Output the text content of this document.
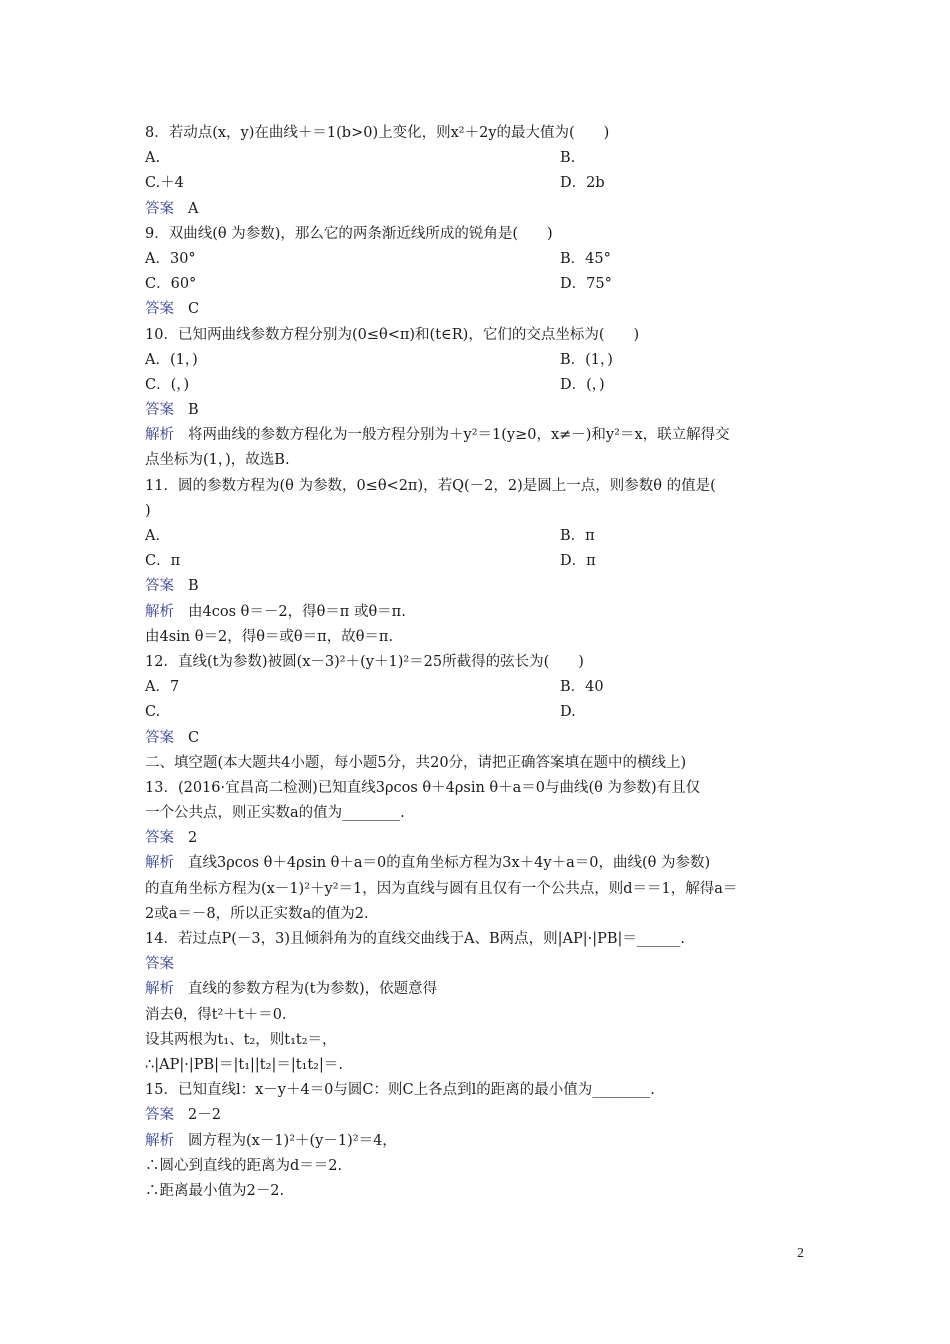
8．若动点(x，y)在曲线＋＝1(b>0)上变化，则x²＋2y的最大值为(　　)
A.	B.
C.＋4	D．2b
答案 A
9．双曲线(θ 为参数)，那么它的两条渐近线所成的锐角是(　　)
A．30°	B．45°
C．60°	D．75°
答案 C
10．已知两曲线参数方程分别为(0≤θ<π)和(t∈R)，它们的交点坐标为(　　)
A．(1，)	B．(1，)
C．(，)	D．(，)
答案 B
解析 将两曲线的参数方程化为一般方程分别为＋y²＝1(y≥0，x≠－)和y²＝x，联立解得交
点坐标为(1，)，故选B.
11．圆的参数方程为(θ 为参数，0≤θ<2π)，若Q(－2，2)是圆上一点，则参数θ 的值是(
)
A.	B．π
C．π	D．π
答案 B
解析 由4cos θ＝－2，得θ＝π 或θ＝π.
由4sin θ＝2，得θ＝或θ＝π，故θ＝π.
12．直线(t为参数)被圆(x－3)²＋(y＋1)²＝25所截得的弦长为(　　)
A．7	B．40
C.	D.
答案 C
二、填空题(本大题共4小题，每小题5分，共20分，请把正确答案填在题中的横线上)
13．(2016·宜昌高二检测)已知直线3ρcos θ＋4ρsin θ＋a＝0与曲线(θ 为参数)有且仅
一个公共点，则正实数a的值为________.
答案 2
解析 直线3ρcos θ＋4ρsin θ＋a＝0的直角坐标方程为3x＋4y＋a＝0，曲线(θ 为参数)
的直角坐标方程为(x－1)²＋y²＝1，因为直线与圆有且仅有一个公共点，则d＝＝1，解得a＝
2或a＝－8，所以正实数a的值为2.
14．若过点P(－3，3)且倾斜角为的直线交曲线于A、B两点，则|AP|·|PB|＝______.
答案
解析 直线的参数方程为(t为参数)，依题意得
消去θ，得t²＋t＋＝0.
设其两根为t₁、t₂，则t₁t₂＝，
∴|AP|·|PB|＝|t₁||t₂|＝|t₁t₂|＝.
15．已知直线l：x－y＋4＝0与圆C：则C上各点到l的距离的最小值为________.
答案 2－2
解析 圆方程为(x－1)²＋(y－1)²＝4，
∴圆心到直线的距离为d＝＝2.
∴距离最小值为2－2.
2
